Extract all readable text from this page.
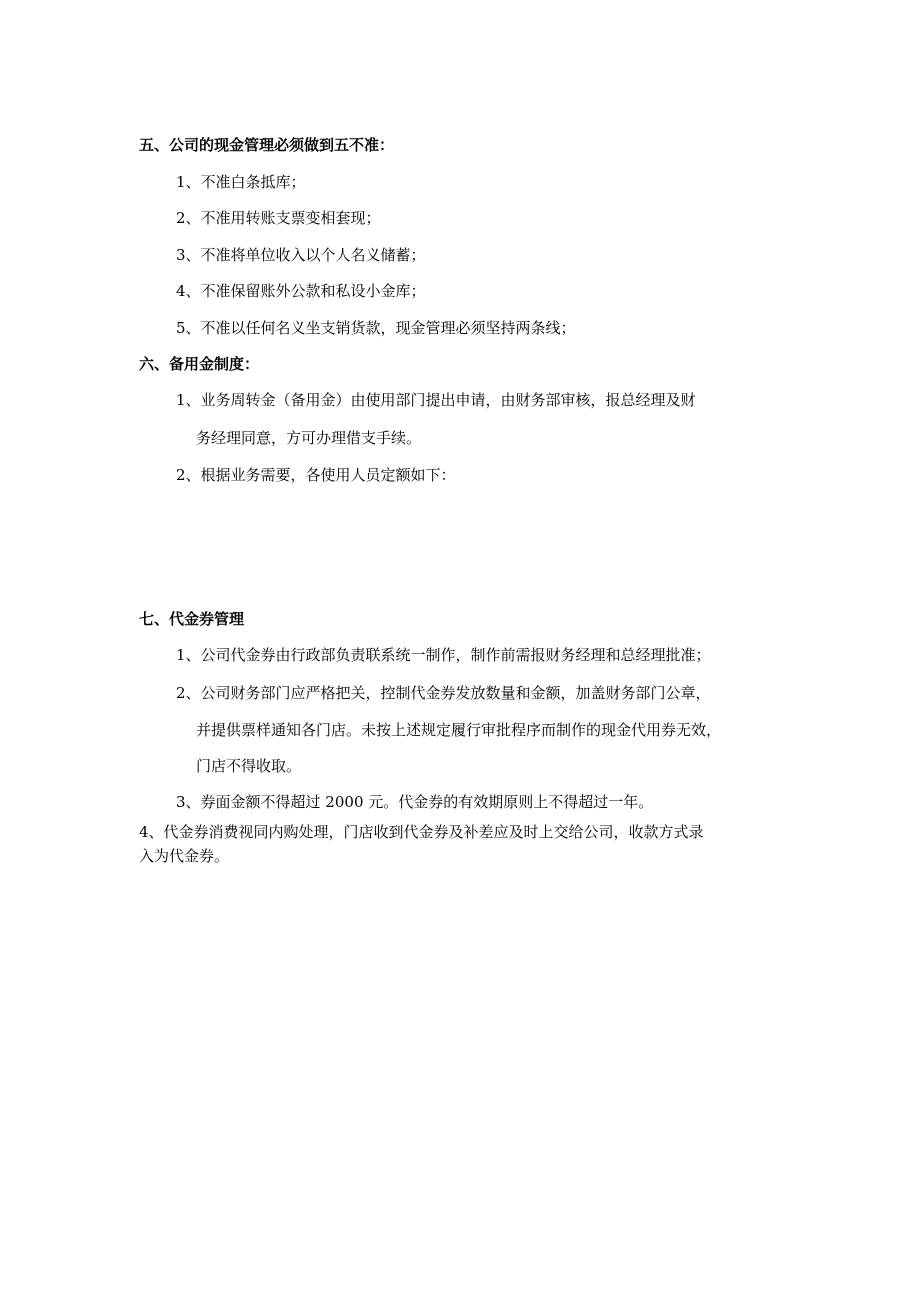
五、公司的现金管理必须做到五不准：
1、不准白条抵库；
2、不准用转账支票变相套现；
3、不准将单位收入以个人名义储蓄；
4、不准保留账外公款和私设小金库；
5、不准以任何名义坐支销货款，现金管理必须坚持两条线；
六、备用金制度：
1、业务周转金（备用金）由使用部门提出申请，由财务部审核，报总经理及财
务经理同意，方可办理借支手续。
2、根据业务需要，各使用人员定额如下：
七、代金券管理
1、公司代金券由行政部负责联系统一制作，制作前需报财务经理和总经理批准；
2、公司财务部门应严格把关，控制代金券发放数量和金额，加盖财务部门公章，
并提供票样通知各门店。未按上述规定履行审批程序而制作的现金代用券无效，
门店不得收取。
3、券面金额不得超过 2000 元。代金券的有效期原则上不得超过一年。
4、代金券消费视同内购处理，门店收到代金券及补差应及时上交给公司，收款方式录
入为代金券。
